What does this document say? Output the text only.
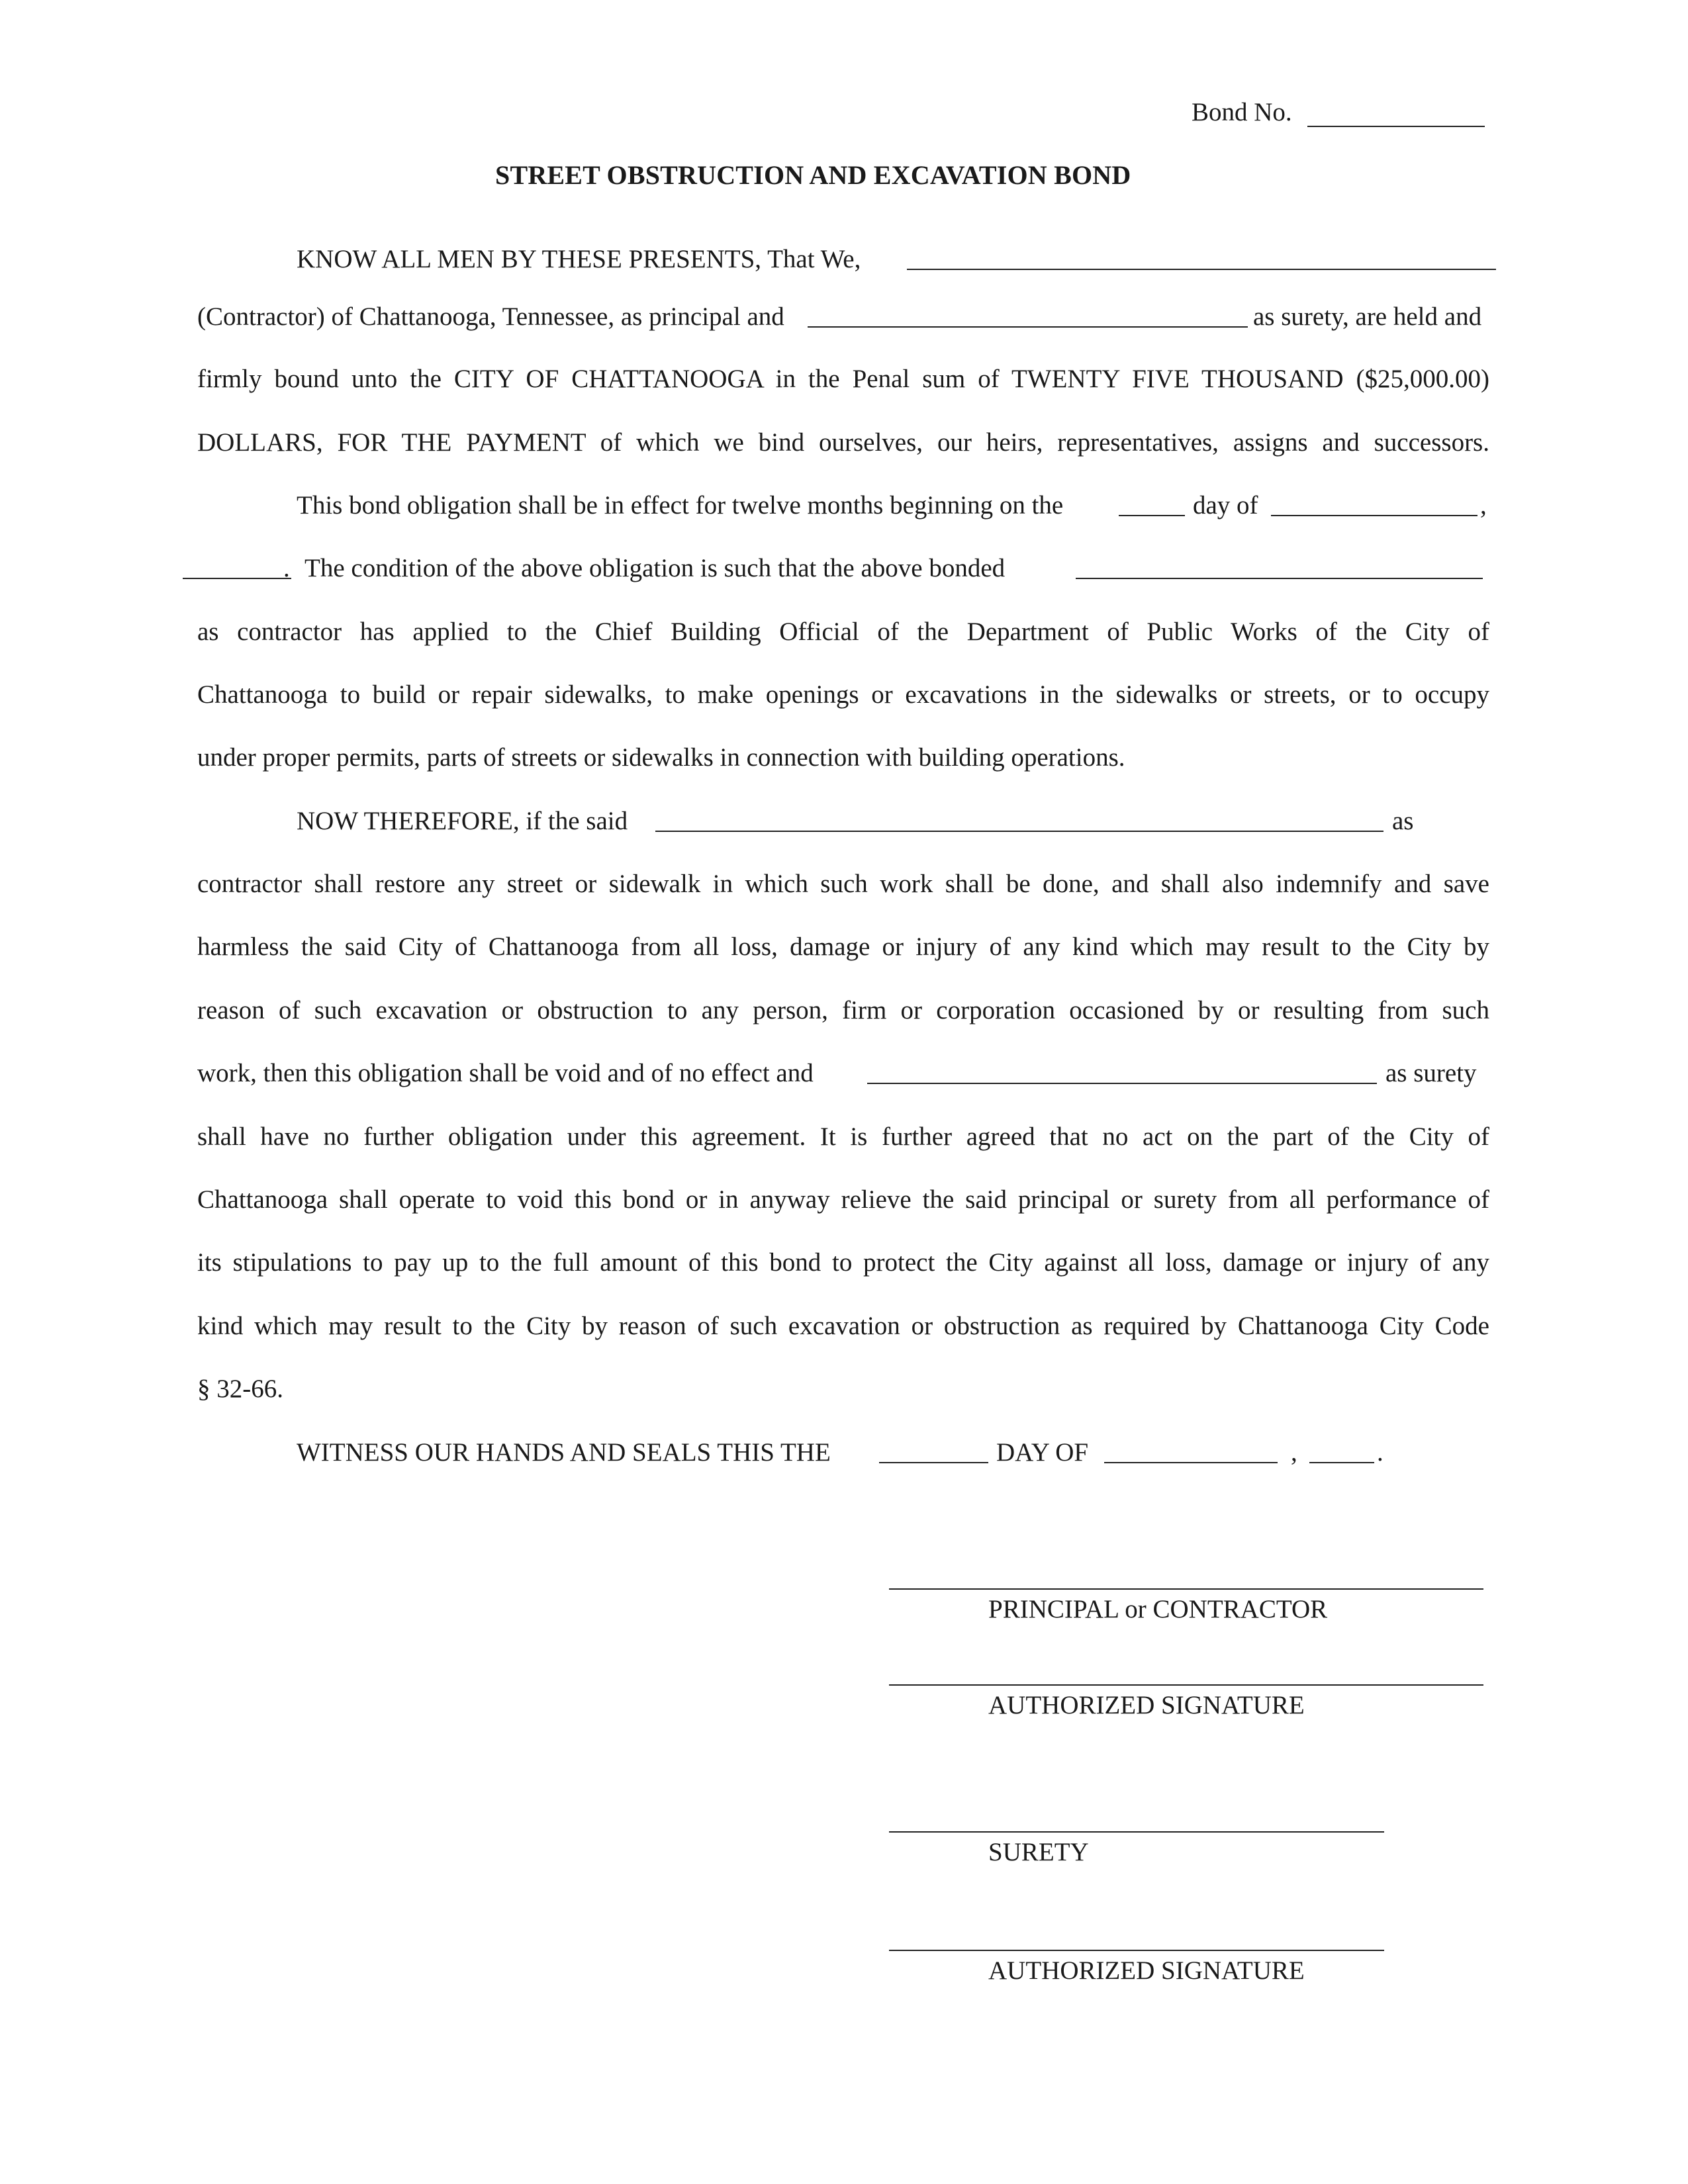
Bond No.
STREET OBSTRUCTION AND EXCAVATION BOND
KNOW ALL MEN BY THESE PRESENTS, That We,
(Contractor) of Chattanooga, Tennessee, as principal and	as surety, are held and
firmly bound unto the CITY OF CHATTANOOGA in the Penal sum of TWENTY FIVE THOUSAND ($25,000.00)
DOLLARS, FOR THE PAYMENT of which we bind ourselves, our heirs, representatives, assigns and successors.
This bond obligation shall be in effect for twelve months beginning on the	day of	,
. The condition of the above obligation is such that the above bonded
as contractor has applied to the Chief Building Official of the Department of Public Works of the City of
Chattanooga to build or repair sidewalks, to make openings or excavations in the sidewalks or streets, or to occupy
under proper permits, parts of streets or sidewalks in connection with building operations.
NOW THEREFORE, if the said	as
contractor shall restore any street or sidewalk in which such work shall be done, and shall also indemnify and save
harmless the said City of Chattanooga from all loss, damage or injury of any kind which may result to the City by
reason of such excavation or obstruction to any person, firm or corporation occasioned by or resulting from such
work, then this obligation shall be void and of no effect and	as surety
shall have no further obligation under this agreement. It is further agreed that no act on the part of the City of
Chattanooga shall operate to void this bond or in anyway relieve the said principal or surety from all performance of
its stipulations to pay up to the full amount of this bond to protect the City against all loss, damage or injury of any
kind which may result to the City by reason of such excavation or obstruction as required by Chattanooga City Code
§ 32-66.
WITNESS OUR HANDS AND SEALS THIS THE	DAY OF	,	.
PRINCIPAL or CONTRACTOR
AUTHORIZED SIGNATURE
SURETY
AUTHORIZED SIGNATURE
